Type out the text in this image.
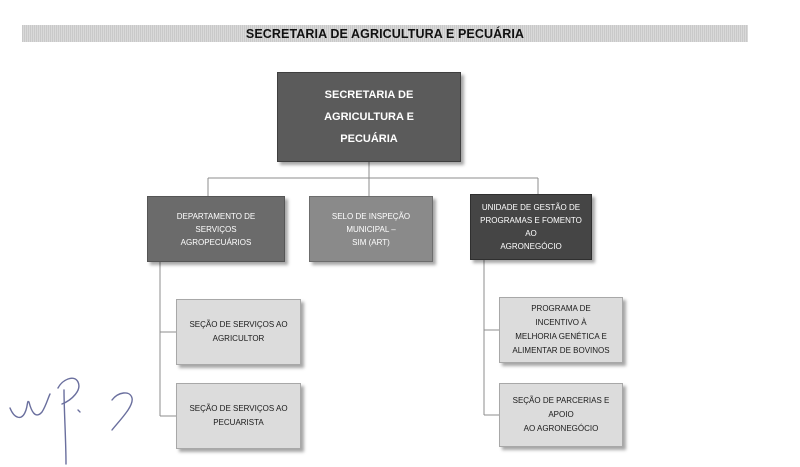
SECRETARIA DE AGRICULTURA E PECUÁRIA
SECRETARIA DE
AGRICULTURA E
PECUÁRIA
DEPARTAMENTO DE SERVIÇOS
AGROPECUÁRIOS
SELO DE INSPEÇÃO MUNICIPAL –
SIM (ART)
UNIDADE DE GESTÃO DE
PROGRAMAS E FOMENTO AO
AGRONEGÓCIO
SEÇÃO DE SERVIÇOS AO
AGRICULTOR
SEÇÃO DE SERVIÇOS AO
PECUARISTA
PROGRAMA DE INCENTIVO À
MELHORIA GENÉTICA E
ALIMENTAR DE BOVINOS
SEÇÃO DE PARCERIAS E APOIO
AO AGRONEGÓCIO
